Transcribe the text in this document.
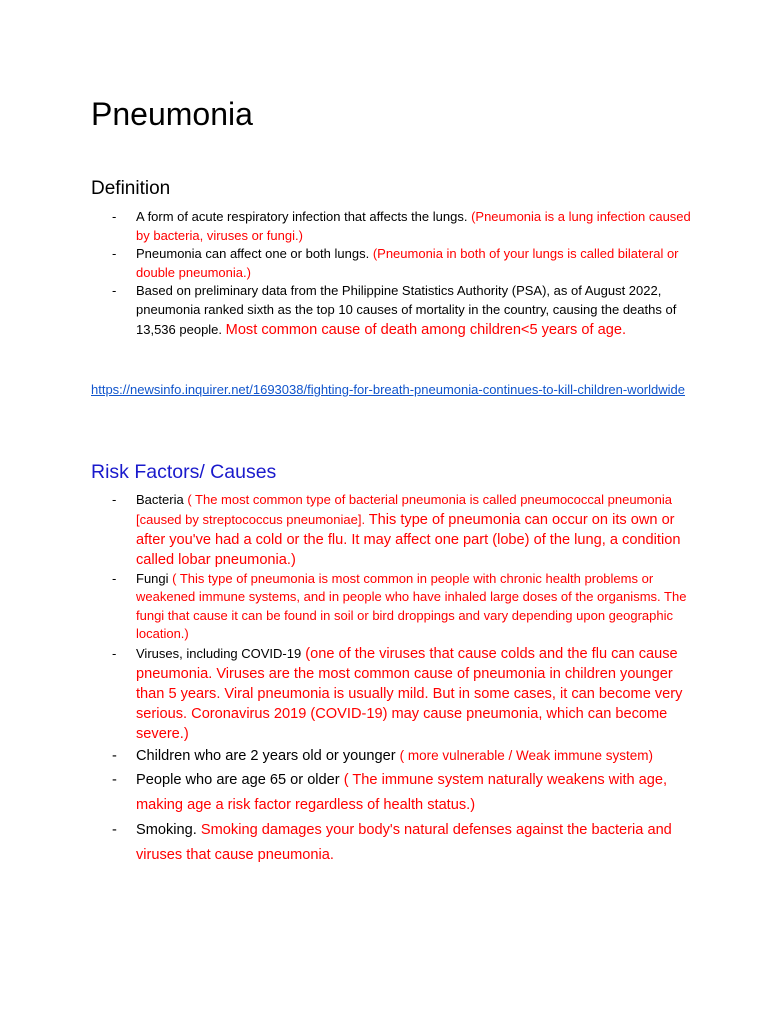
Pneumonia
Definition
- A form of acute respiratory infection that affects the lungs. (Pneumonia is a lung infection caused by bacteria, viruses or fungi.)
- Pneumonia can affect one or both lungs. (Pneumonia in both of your lungs is called bilateral or double pneumonia.)
- Based on preliminary data from the Philippine Statistics Authority (PSA), as of August 2022, pneumonia ranked sixth as the top 10 causes of mortality in the country, causing the deaths of 13,536 people. Most common cause of death among children<5 years of age.
https://newsinfo.inquirer.net/1693038/fighting-for-breath-pneumonia-continues-to-kill-children-worldwide
Risk Factors/ Causes
- Bacteria ( The most common type of bacterial pneumonia is called pneumococcal pneumonia [caused by streptococcus pneumoniae]. This type of pneumonia can occur on its own or after you've had a cold or the flu. It may affect one part (lobe) of the lung, a condition called lobar pneumonia.)
- Fungi ( This type of pneumonia is most common in people with chronic health problems or weakened immune systems, and in people who have inhaled large doses of the organisms. The fungi that cause it can be found in soil or bird droppings and vary depending upon geographic location.)
- Viruses, including COVID-19 (one of the viruses that cause colds and the flu can cause pneumonia. Viruses are the most common cause of pneumonia in children younger than 5 years. Viral pneumonia is usually mild. But in some cases, it can become very serious. Coronavirus 2019 (COVID-19) may cause pneumonia, which can become severe.)
- Children who are 2 years old or younger ( more vulnerable / Weak immune system)
- People who are age 65 or older ( The immune system naturally weakens with age, making age a risk factor regardless of health status.)
- Smoking. Smoking damages your body's natural defenses against the bacteria and viruses that cause pneumonia.
